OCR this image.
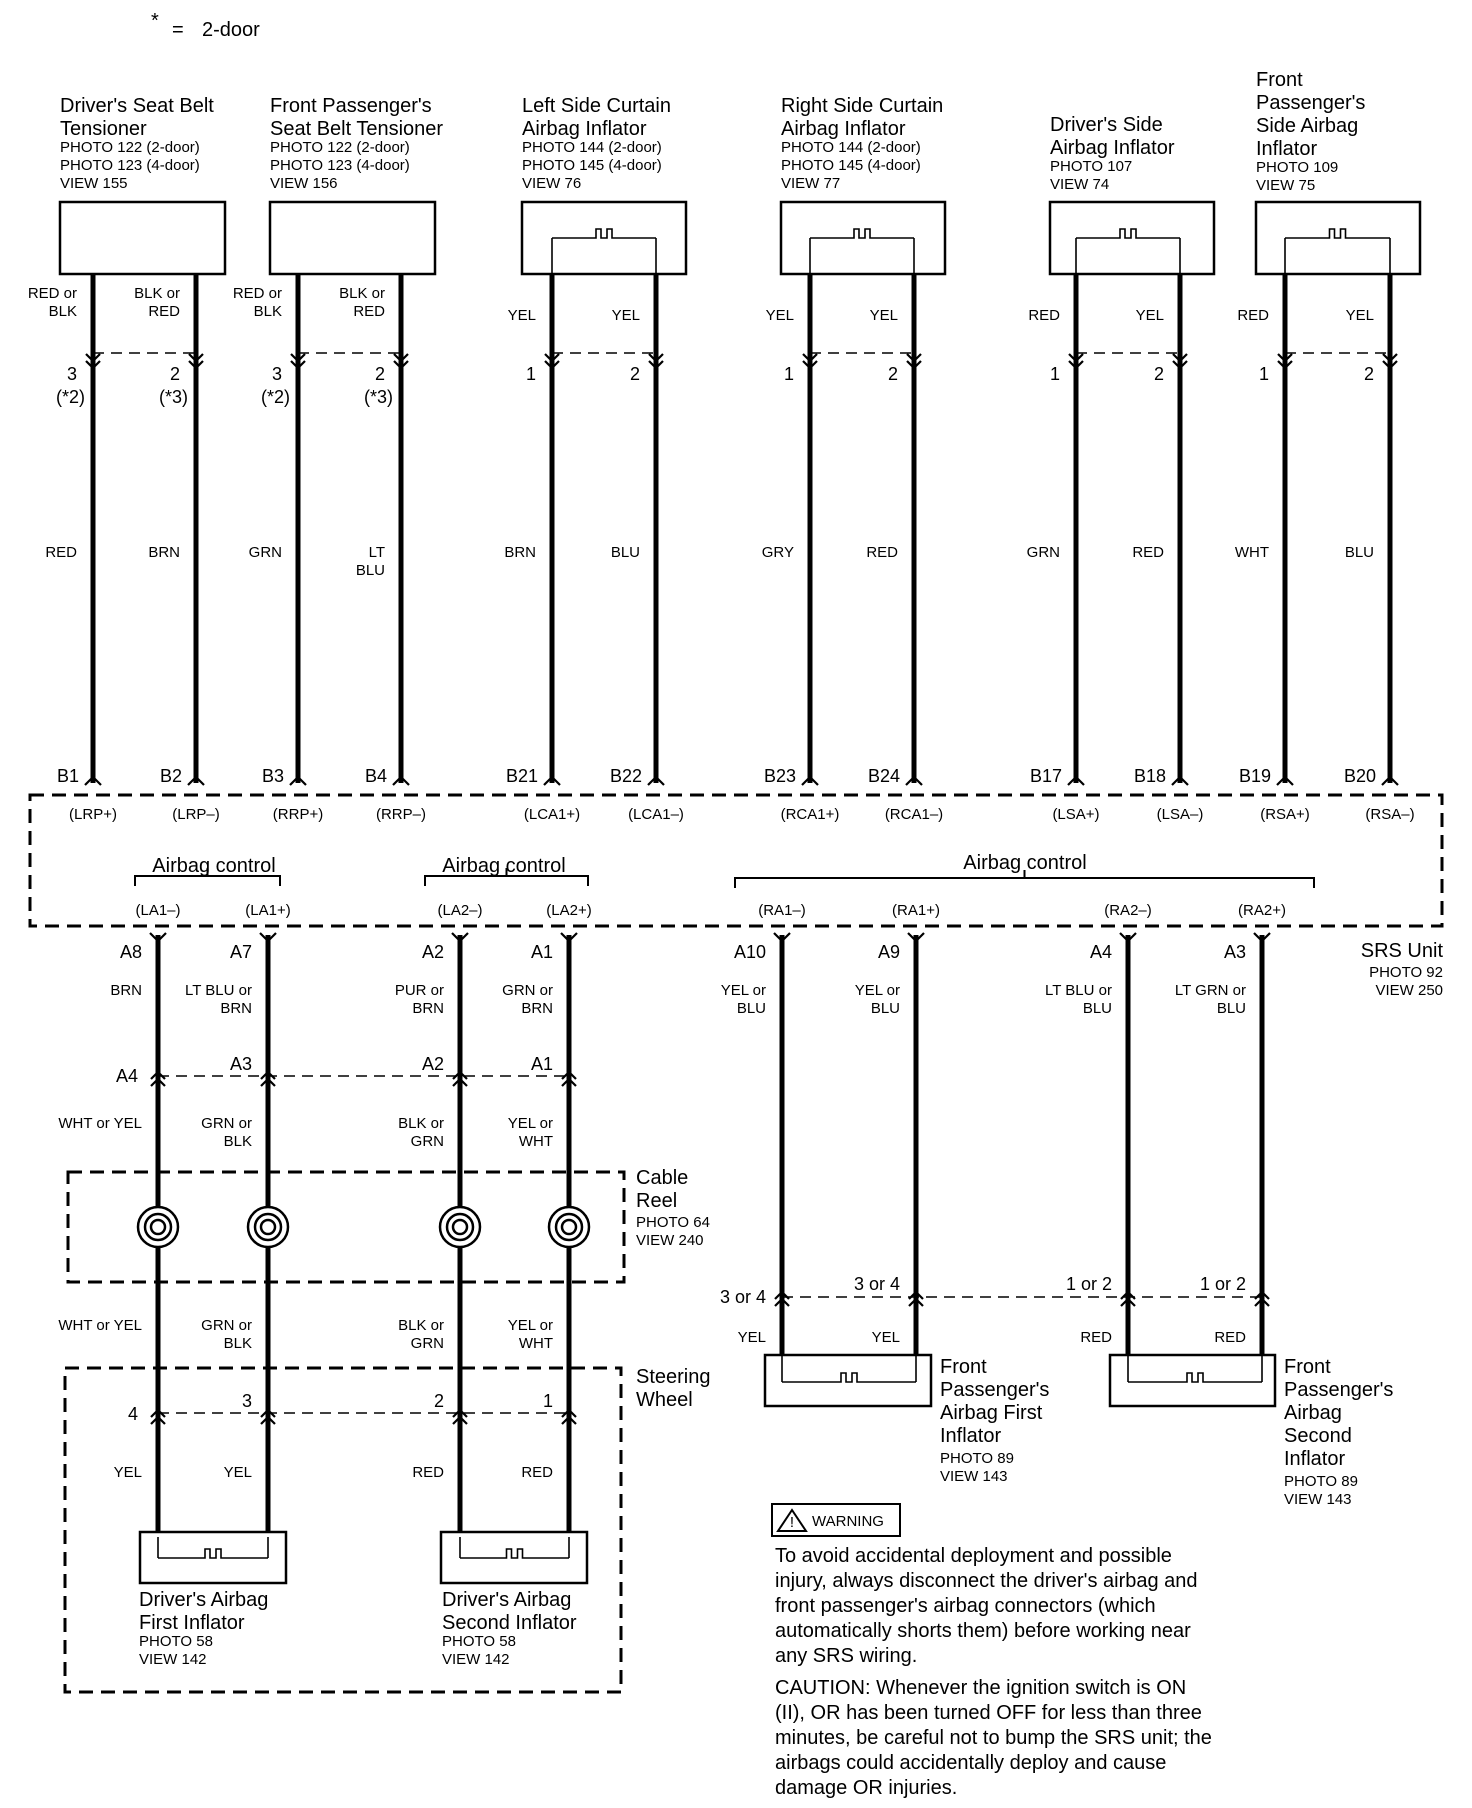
* = 2-door
Driver's Seat Belt
Tensioner
PHOTO 122 (2-door)
PHOTO 123 (4-door)
VIEW 155
Front Passenger's
Seat Belt Tensioner
PHOTO 122 (2-door)
PHOTO 123 (4-door)
VIEW 156
Left Side Curtain
Airbag Inflator
PHOTO 144 (2-door)
PHOTO 145 (4-door)
VIEW 76
Right Side Curtain
Airbag Inflator
PHOTO 144 (2-door)
PHOTO 145 (4-door)
VIEW 77
Driver's Side
Airbag Inflator
PHOTO 107
VIEW 74
Front
Passenger's
Side Airbag
Inflator
PHOTO 109
VIEW 75
RED or
BLK
3
(*2)
RED
B1
(LRP+)
BLK or
RED
2
(*3)
BRN
B2
(LRP–)
RED or
BLK
3
(*2)
GRN
B3
(RRP+)
BLK or
RED
2
(*3)
LT
BLU
B4
(RRP–)
YEL
1
BRN
B21
(LCA1+)
YEL
2
BLU
B22
(LCA1–)
YEL
1
GRY
B23
(RCA1+)
YEL
2
RED
B24
(RCA1–)
RED
1
GRN
B17
(LSA+)
YEL
2
RED
B18
(LSA–)
RED
1
WHT
B19
(RSA+)
YEL
2
BLU
B20
(RSA–)
Airbag control	Airbag control	Airbag control
SRS Unit
PHOTO 92
VIEW 250
(LA1–)
A8
BRN
(LA1+)
A7
LT BLU or
BRN
(LA2–)
A2
PUR or
BRN
(LA2+)
A1
GRN or
BRN
(RA1–)
A10
YEL or
BLU
(RA1+)
A9
YEL or
BLU
(RA2–)
A4
LT BLU or
BLU
(RA2+)
A3
LT GRN or
BLU
A4
WHT or YEL
WHT or YEL
4
YEL
A3
GRN or
BLK
GRN or
BLK
3
YEL
A2
BLK or
GRN
BLK or
GRN
2
RED
A1
YEL or
WHT
YEL or
WHT
1
RED
Cable
Reel
PHOTO 64
VIEW 240
Steering
Wheel
Driver's Airbag
First Inflator
PHOTO 58
VIEW 142
Driver's Airbag
Second Inflator
PHOTO 58
VIEW 142
3 or 4
YEL
3 or 4
YEL
1 or 2
RED
1 or 2
RED
Front
Passenger's
Airbag First
Inflator
PHOTO 89
VIEW 143
Front
Passenger's
Airbag
Second
Inflator
PHOTO 89
VIEW 143
! WARNING
To avoid accidental deployment and possible
injury, always disconnect the driver's airbag and
front passenger's airbag connectors (which
automatically shorts them) before working near
any SRS wiring.
CAUTION: Whenever the ignition switch is ON
(II), OR has been turned OFF for less than three
minutes, be careful not to bump the SRS unit; the
airbags could accidentally deploy and cause
damage OR injuries.
